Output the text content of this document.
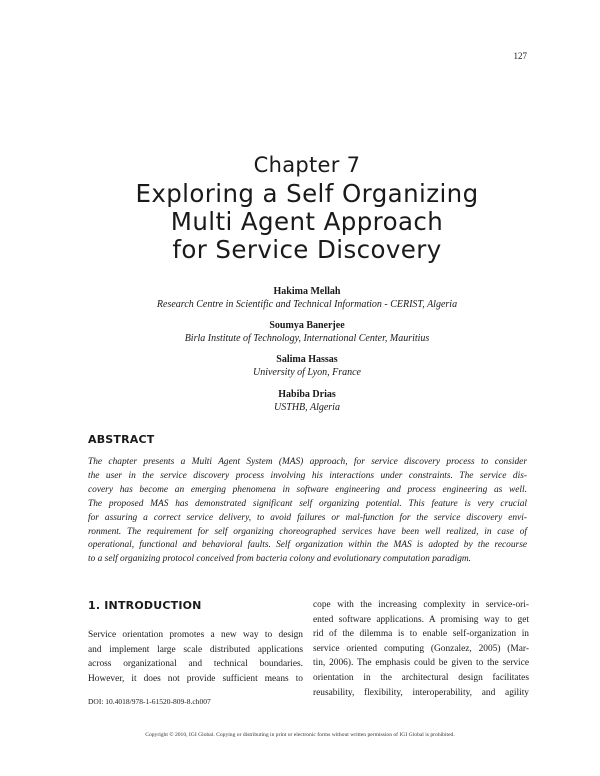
127
Chapter 7
Exploring a Self Organizing
Multi Agent Approach
for Service Discovery
Hakima Mellah
Research Centre in Scientific and Technical Information - CERIST, Algeria
Soumya Banerjee
Birla Institute of Technology, International Center, Mauritius
Salima Hassas
University of Lyon, France
Habiba Drias
USTHB, Algeria
ABSTRACT
The chapter presents a Multi Agent System (MAS) approach, for service discovery process to consider
the user in the service discovery process involving his interactions under constraints. The service dis-
covery has become an emerging phenomena in software engineering and process engineering as well.
The proposed MAS has demonstrated significant self organizing potential. This feature is very crucial
for assuring a correct service delivery, to avoid failures or mal-function for the service discovery envi-
ronment. The requirement for self organizing choreographed services have been well realized, in case of
operational, functional and behavioral faults. Self organization within the MAS is adopted by the recourse
to a self organizing protocol conceived from bacteria colony and evolutionary computation paradigm.
1. INTRODUCTION
Service orientation promotes a new way to design
and implement large scale distributed applications
across organizational and technical boundaries.
However, it does not provide sufficient means to
cope with the increasing complexity in service-ori-
ented software applications. A promising way to get
rid of the dilemma is to enable self-organization in
service oriented computing (Gonzalez, 2005) (Mar-
tin, 2006). The emphasis could be given to the service
orientation in the architectural design facilitates
reusability, flexibility, interoperability, and agility
DOI: 10.4018/978-1-61520-809-8.ch007
Copyright © 2010, IGI Global. Copying or distributing in print or electronic forms without written permission of IGI Global is prohibited.
